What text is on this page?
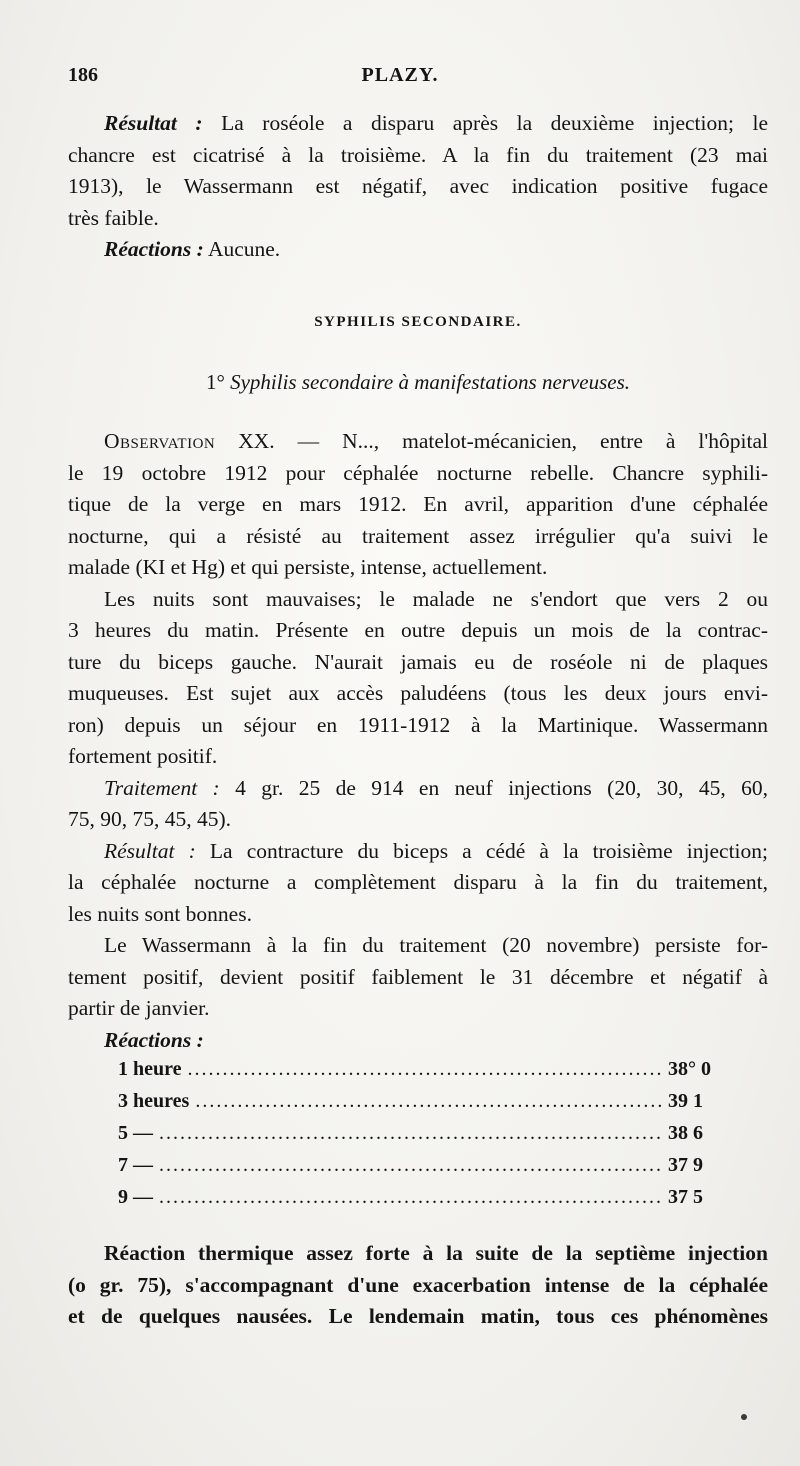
186	PLAZY.
Résultat : La roséole a disparu après la deuxième injection; le
chancre est cicatrisé à la troisième. A la fin du traitement (23 mai
1913), le Wassermann est négatif, avec indication positive fugace
très faible.
Réactions : Aucune.
SYPHILIS SECONDAIRE.
1° Syphilis secondaire à manifestations nerveuses.
Observation XX. — N..., matelot-mécanicien, entre à l'hôpital
le 19 octobre 1912 pour céphalée nocturne rebelle. Chancre syphili-
tique de la verge en mars 1912. En avril, apparition d'une céphalée
nocturne, qui a résisté au traitement assez irrégulier qu'a suivi le
malade (KI et Hg) et qui persiste, intense, actuellement.
Les nuits sont mauvaises; le malade ne s'endort que vers 2 ou
3 heures du matin. Présente en outre depuis un mois de la contrac-
ture du biceps gauche. N'aurait jamais eu de roséole ni de plaques
muqueuses. Est sujet aux accès paludéens (tous les deux jours envi-
ron) depuis un séjour en 1911-1912 à la Martinique. Wassermann
fortement positif.
Traitement : 4 gr. 25 de 914 en neuf injections (20, 30, 45, 60,
75, 90, 75, 45, 45).
Résultat : La contracture du biceps a cédé à la troisième injection;
la céphalée nocturne a complètement disparu à la fin du traitement,
les nuits sont bonnes.
Le Wassermann à la fin du traitement (20 novembre) persiste for-
tement positif, devient positif faiblement le 31 décembre et négatif à
partir de janvier.
Réactions :
1 heure .....	38° 0
3 heures .....	39 1
5 — .....	38 6
7 — .....	37 9
9 — .....	37 5
Réaction thermique assez forte à la suite de la septième injection
(o gr. 75), s'accompagnant d'une exacerbation intense de la céphalée
et de quelques nausées. Le lendemain matin, tous ces phénomènes
